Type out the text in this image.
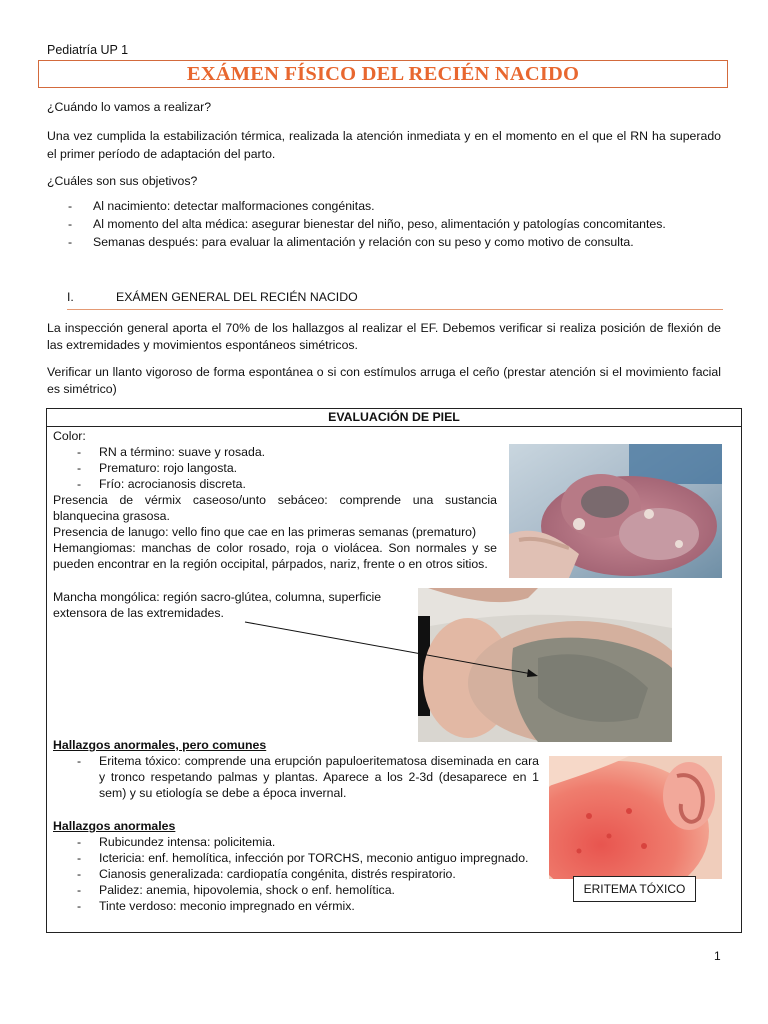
Pediatría UP 1
EXÁMEN FÍSICO DEL RECIÉN NACIDO

¿Cuándo lo vamos a realizar?

Una vez cumplida la estabilización térmica, realizada la atención inmediata y en el momento en el que el RN ha superado el primer período de adaptación del parto.

¿Cuáles son sus objetivos?

-	Al nacimiento: detectar malformaciones congénitas.
-	Al momento del alta médica: asegurar bienestar del niño, peso, alimentación y patologías concomitantes.
-	Semanas después: para evaluar la alimentación y relación con su peso y como motivo de consulta.
I.	EXÁMEN GENERAL DEL RECIÉN NACIDO

La inspección general aporta el 70% de los hallazgos al realizar el EF. Debemos verificar si realiza posición de flexión de las extremidades y movimientos espontáneos simétricos.

Verificar un llanto vigoroso de forma espontánea o si con estímulos arruga el ceño (prestar atención si el movimiento facial es simétrico)

EVALUACIÓN DE PIEL
Color:
-	RN a término: suave y rosada.
-	Prematuro: rojo langosta.
-	Frío: acrocianosis discreta.

Presencia de vérmix caseoso/unto sebáceo: comprende una sustancia blanquecina grasosa.

Presencia de lanugo: vello fino que cae en las primeras semanas (prematuro)

Hemangiomas: manchas de color rosado, roja o violácea. Son normales y se pueden encontrar en la región occipital, párpados, nariz, frente o en otros sitios.

Mancha mongólica: región sacro-glútea, columna, superficie extensora de las extremidades.

Hallazgos anormales, pero comunes
-	Eritema tóxico: comprende una erupción papuloeritematosa diseminada en cara y tronco respetando palmas y plantas. Aparece a los 2-3d (desaparece en 1 sem) y su etiología se debe a época invernal.
Hallazgos anormales
-	Rubicundez intensa: policitemia.
-	Ictericia: enf. hemolítica, infección por TORCHS, meconio antiguo impregnado.
-	Cianosis generalizada: cardiopatía congénita, distrés respiratorio.
-	Palidez: anemia, hipovolemia, shock o enf. hemolítica.
-	Tinte verdoso: meconio impregnado en vérmix.
ERITEMA TÓXICO
1
